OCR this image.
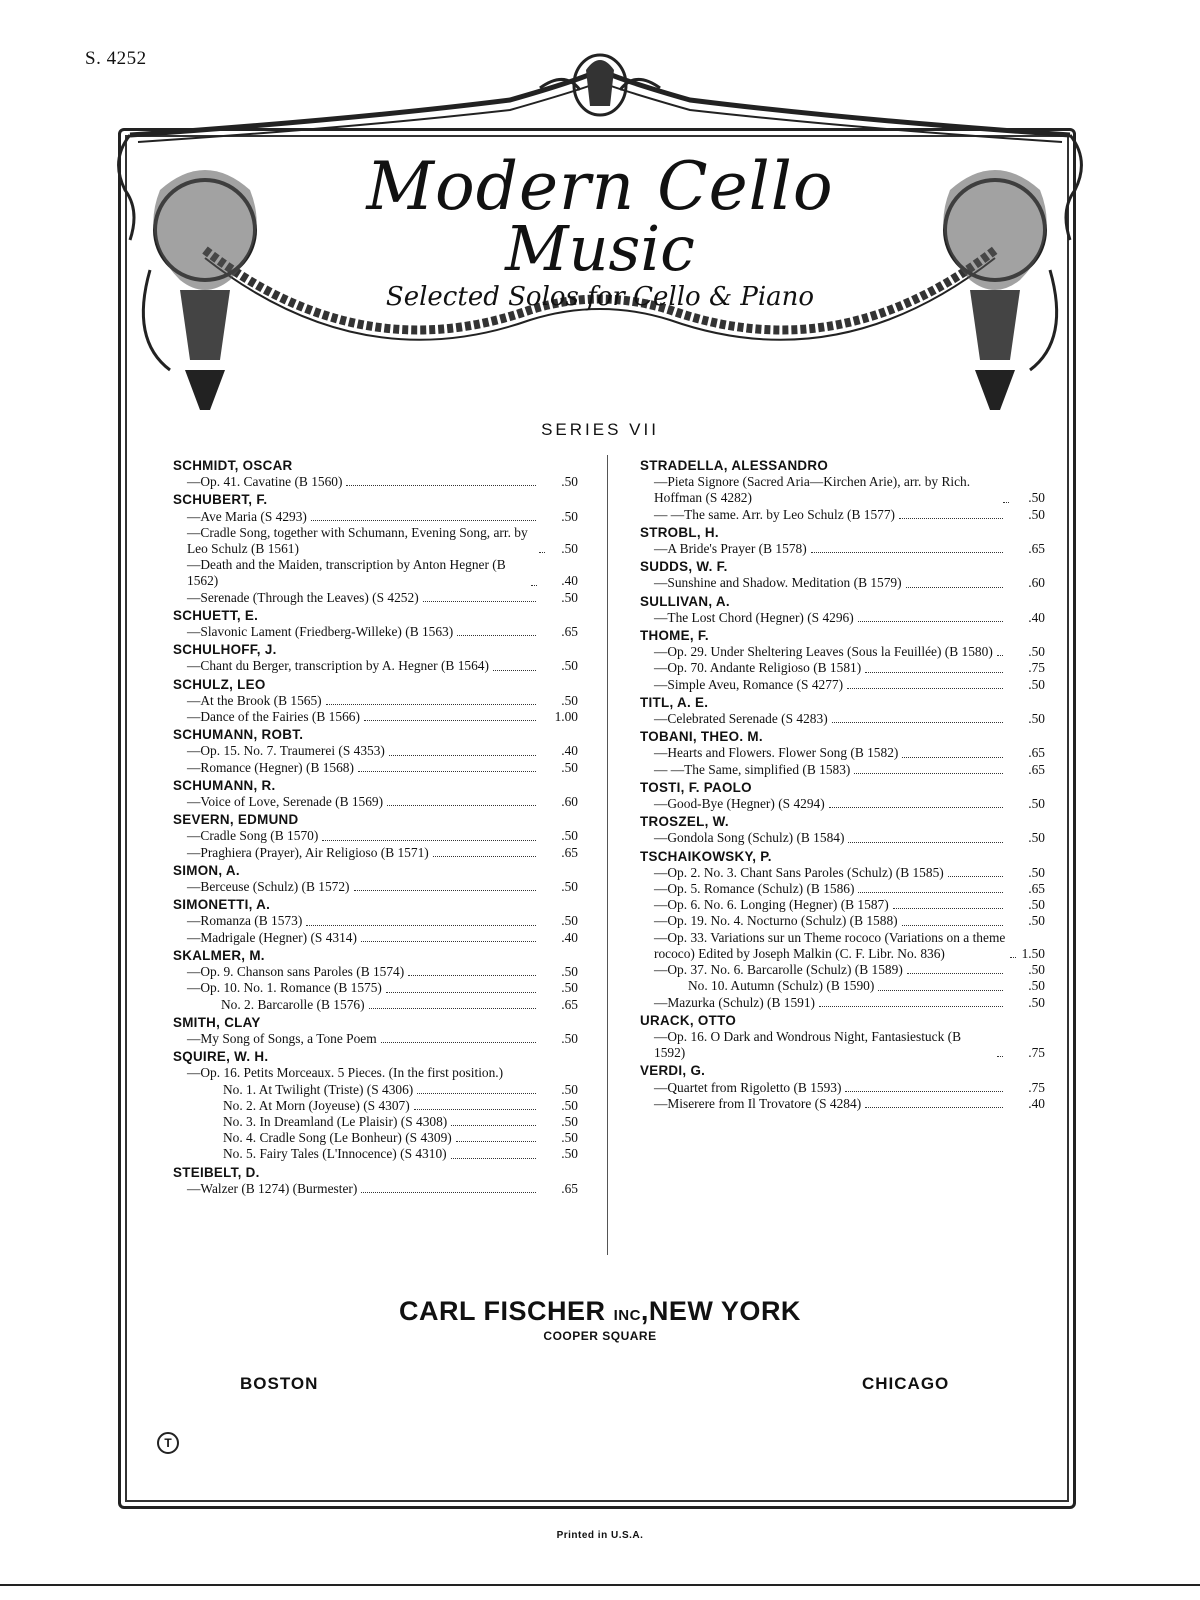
S. 4252
Modern Cello
Music
Selected Solos for Cello & Piano
SERIES VII
SCHMIDT, OSCAR
—Op. 41. Cavatine (B 1560)	.50
SCHUBERT, F.
—Ave Maria (S 4293)	.50
—Cradle Song, together with Schumann, Evening Song, arr. by Leo Schulz (B 1561)	.50
—Death and the Maiden, transcription by Anton Hegner (B 1562)	.40
—Serenade (Through the Leaves) (S 4252)	.50
SCHUETT, E.
—Slavonic Lament (Friedberg-Willeke) (B 1563)	.65
SCHULHOFF, J.
—Chant du Berger, transcription by A. Hegner (B 1564)	.50
SCHULZ, LEO
—At the Brook (B 1565)	.50
—Dance of the Fairies (B 1566)	1.00
SCHUMANN, ROBT.
—Op. 15. No. 7. Traumerei (S 4353)	.40
—Romance (Hegner) (B 1568)	.50
SCHUMANN, R.
—Voice of Love, Serenade (B 1569)	.60
SEVERN, EDMUND
—Cradle Song (B 1570)	.50
—Praghiera (Prayer), Air Religioso (B 1571)	.65
SIMON, A.
—Berceuse (Schulz) (B 1572)	.50
SIMONETTI, A.
—Romanza (B 1573)	.50
—Madrigale (Hegner) (S 4314)	.40
SKALMER, M.
—Op. 9. Chanson sans Paroles (B 1574)	.50
—Op. 10. No. 1. Romance (B 1575)	.50
No. 2. Barcarolle (B 1576)	.65
SMITH, CLAY
—My Song of Songs, a Tone Poem	.50
SQUIRE, W. H.
—Op. 16. Petits Morceaux. 5 Pieces. (In the first position.)
No. 1. At Twilight (Triste) (S 4306)	.50
No. 2. At Morn (Joyeuse) (S 4307)	.50
No. 3. In Dreamland (Le Plaisir) (S 4308)	.50
No. 4. Cradle Song (Le Bonheur) (S 4309)	.50
No. 5. Fairy Tales (L'Innocence) (S 4310)	.50
STEIBELT, D.
—Walzer (B 1274) (Burmester)	.65
STRADELLA, ALESSANDRO
—Pieta Signore (Sacred Aria—Kirchen Arie), arr. by Rich. Hoffman (S 4282)	.50
— —The same. Arr. by Leo Schulz (B 1577)	.50
STROBL, H.
—A Bride's Prayer (B 1578)	.65
SUDDS, W. F.
—Sunshine and Shadow. Meditation (B 1579)	.60
SULLIVAN, A.
—The Lost Chord (Hegner) (S 4296)	.40
THOME, F.
—Op. 29. Under Sheltering Leaves (Sous la Feuillée) (B 1580)	.50
—Op. 70. Andante Religioso (B 1581)	.75
—Simple Aveu, Romance (S 4277)	.50
TITL, A. E.
—Celebrated Serenade (S 4283)	.50
TOBANI, THEO. M.
—Hearts and Flowers. Flower Song (B 1582)	.65
— —The Same, simplified (B 1583)	.65
TOSTI, F. PAOLO
—Good-Bye (Hegner) (S 4294)	.50
TROSZEL, W.
—Gondola Song (Schulz) (B 1584)	.50
TSCHAIKOWSKY, P.
—Op. 2. No. 3. Chant Sans Paroles (Schulz) (B 1585)	.50
—Op. 5. Romance (Schulz) (B 1586)	.65
—Op. 6. No. 6. Longing (Hegner) (B 1587)	.50
—Op. 19. No. 4. Nocturno (Schulz) (B 1588)	.50
—Op. 33. Variations sur un Theme rococo (Variations on a theme rococo) Edited by Joseph Malkin (C. F. Libr. No. 836)	1.50
—Op. 37. No. 6. Barcarolle (Schulz) (B 1589)	.50
No. 10. Autumn (Schulz) (B 1590)	.50
—Mazurka (Schulz) (B 1591)	.50
URACK, OTTO
—Op. 16. O Dark and Wondrous Night, Fantasiestuck (B 1592)	.75
VERDI, G.
—Quartet from Rigoletto (B 1593)	.75
—Miserere from Il Trovatore (S 4284)	.40
CARL FISCHER INC,NEW YORK
COOPER SQUARE
BOSTON	CHICAGO
T
Printed in U.S.A.
